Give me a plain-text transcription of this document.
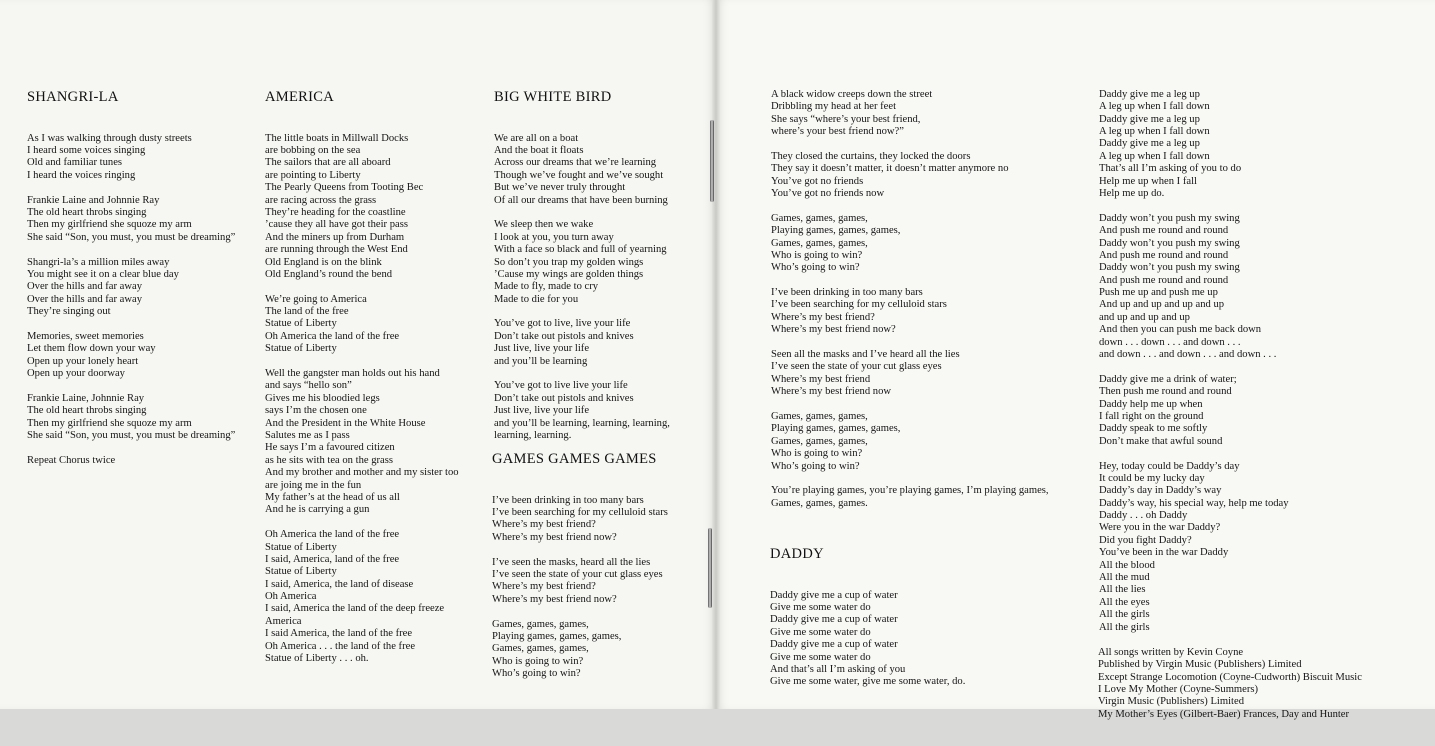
SHANGRI-LA

As I was walking through dusty streets
I heard some voices singing
Old and familiar tunes
I heard the voices ringing
Frankie Laine and Johnnie Ray
The old heart throbs singing
Then my girlfriend she squoze my arm
She said “Son, you must, you must be dreaming”
Shangri-la’s a million miles away
You might see it on a clear blue day
Over the hills and far away
Over the hills and far away
They’re singing out
Memories, sweet memories
Let them flow down your way
Open up your lonely heart
Open up your doorway
Frankie Laine, Johnnie Ray
The old heart throbs singing
Then my girlfriend she squoze my arm
She said “Son, you must, you must be dreaming”
Repeat Chorus twice

AMERICA

The little boats in Millwall Docks
are bobbing on the sea
The sailors that are all aboard
are pointing to Liberty
The Pearly Queens from Tooting Bec
are racing across the grass
They’re heading for the coastline
’cause they all have got their pass
And the miners up from Durham
are running through the West End
Old England is on the blink
Old England’s round the bend
We’re going to America
The land of the free
Statue of Liberty
Oh America the land of the free
Statue of Liberty
Well the gangster man holds out his hand
and says “hello son”
Gives me his bloodied legs
says I’m the chosen one
And the President in the White House
Salutes me as I pass
He says I’m a favoured citizen
as he sits with tea on the grass
And my brother and mother and my sister too
are joing me in the fun
My father’s at the head of us all
And he is carrying a gun
Oh America the land of the free
Statue of Liberty
I said, America, land of the free
Statue of Liberty
I said, America, the land of disease
Oh America
I said, America the land of the deep freeze
America
I said America, the land of the free
Oh America . . . the land of the free
Statue of Liberty . . . oh.

BIG WHITE BIRD

We are all on a boat
And the boat it floats
Across our dreams that we’re learning
Though we’ve fought and we’ve sought
But we’ve never truly throught
Of all our dreams that have been burning
We sleep then we wake
I look at you, you turn away
With a face so black and full of yearning
So don’t you trap my golden wings
’Cause my wings are golden things
Made to fly, made to cry
Made to die for you
You’ve got to live, live your life
Don’t take out pistols and knives
Just live, live your life
and you’ll be learning
You’ve got to live live your life
Don’t take out pistols and knives
Just live, live your life
and you’ll be learning, learning, learning,
learning, learning.

GAMES GAMES GAMES

I’ve been drinking in too many bars
I’ve been searching for my celluloid stars
Where’s my best friend?
Where’s my best friend now?
I’ve seen the masks, heard all the lies
I’ve seen the state of your cut glass eyes
Where’s my best friend?
Where’s my best friend now?
Games, games, games,
Playing games, games, games,
Games, games, games,
Who is going to win?
Who’s going to win?

A black widow creeps down the street
Dribbling my head at her feet
She says “where’s your best friend,
where’s your best friend now?”
They closed the curtains, they locked the doors
They say it doesn’t matter, it doesn’t matter anymore no
You’ve got no friends
You’ve got no friends now
Games, games, games,
Playing games, games, games,
Games, games, games,
Who is going to win?
Who’s going to win?
I’ve been drinking in too many bars
I’ve been searching for my celluloid stars
Where’s my best friend?
Where’s my best friend now?
Seen all the masks and I’ve heard all the lies
I’ve seen the state of your cut glass eyes
Where’s my best friend
Where’s my best friend now
Games, games, games,
Playing games, games, games,
Games, games, games,
Who is going to win?
Who’s going to win?
You’re playing games, you’re playing games, I’m playing games,
Games, games, games.

DADDY

Daddy give me a cup of water
Give me some water do
Daddy give me a cup of water
Give me some water do
Daddy give me a cup of water
Give me some water do
And that’s all I’m asking of you
Give me some water, give me some water, do.

Daddy give me a leg up
A leg up when I fall down
Daddy give me a leg up
A leg up when I fall down
Daddy give me a leg up
A leg up when I fall down
That’s all I’m asking of you to do
Help me up when I fall
Help me up do.
Daddy won’t you push my swing
And push me round and round
Daddy won’t you push my swing
And push me round and round
Daddy won’t you push my swing
And push me round and round
Push me up and push me up
And up and up and up and up
and up and up and up
And then you can push me back down
down . . . down . . . and down . . .
and down . . . and down . . . and down . . .
Daddy give me a drink of water;
Then push me round and round
Daddy help me up when
I fall right on the ground
Daddy speak to me softly
Don’t make that awful sound
Hey, today could be Daddy’s day
It could be my lucky day
Daddy’s day in Daddy’s way
Daddy’s way, his special way, help me today
Daddy . . . oh Daddy
Were you in the war Daddy?
Did you fight Daddy?
You’ve been in the war Daddy
All the blood
All the mud
All the lies
All the eyes
All the girls
All the girls

All songs written by Kevin Coyne
Published by Virgin Music (Publishers) Limited
Except Strange Locomotion (Coyne-Cudworth) Biscuit Music
I Love My Mother (Coyne-Summers)
Virgin Music (Publishers) Limited
My Mother’s Eyes (Gilbert-Baer) Frances, Day and Hunter
